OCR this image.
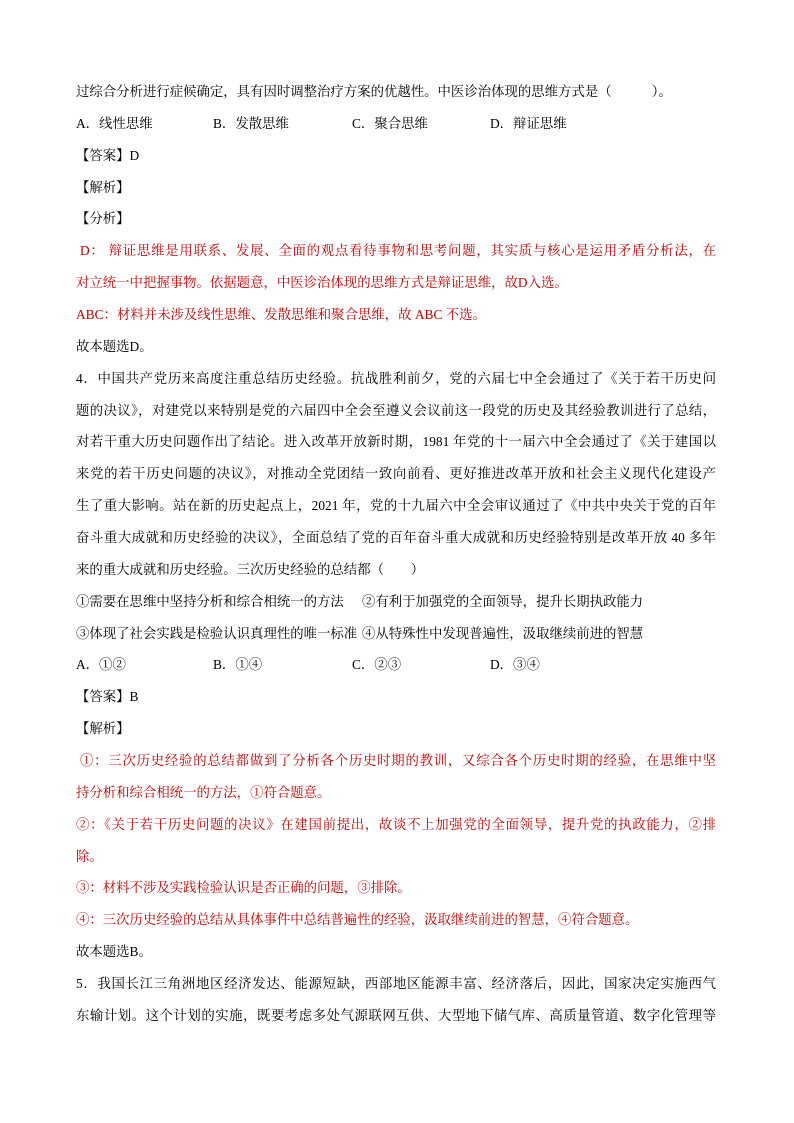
过综合分析进行症候确定，具有因时调整治疗方案的优越性。中医诊治体现的思维方式是（　　　）。
A．线性思维	B．发散思维	C．聚合思维	D．辩证思维
【答案】D
【解析】
【分析】
D： 辩证思维是用联系、发展、全面的观点看待事物和思考问题，其实质与核心是运用矛盾分析法，在
对立统一中把握事物。依据题意，中医诊治体现的思维方式是辩证思维，故D入选。
ABC：材料并未涉及线性思维、发散思维和聚合思维，故 ABC 不选。
故本题选D。
4．中国共产党历来高度注重总结历史经验。抗战胜利前夕，党的六届七中全会通过了《关于若干历史问
题的决议》，对建党以来特别是党的六届四中全会至遵义会议前这一段党的历史及其经验教训进行了总结，
对若干重大历史问题作出了结论。进入改革开放新时期，1981 年党的十一届六中全会通过了《关于建国以
来党的若干历史问题的决议》，对推动全党团结一致向前看、更好推进改革开放和社会主义现代化建设产
生了重大影响。站在新的历史起点上，2021 年，党的十九届六中全会审议通过了《中共中央关于党的百年
奋斗重大成就和历史经验的决议》，全面总结了党的百年奋斗重大成就和历史经验特别是改革开放 40 多年
来的重大成就和历史经验。三次历史经验的总结都（　　）
①需要在思维中坚持分析和综合相统一的方法 ②有利于加强党的全面领导，提升长期执政能力
③体现了社会实践是检验认识真理性的唯一标准 ④从特殊性中发现普遍性，汲取继续前进的智慧
A．①②	B．①④	C．②③	D．③④
【答案】B
【解析】
①：三次历史经验的总结都做到了分析各个历史时期的教训，又综合各个历史时期的经验，在思维中坚
持分析和综合相统一的方法，①符合题意。
②：《关于若干历史问题的决议》在建国前提出，故谈不上加强党的全面领导，提升党的执政能力，②排
除。
③：材料不涉及实践检验认识是否正确的问题，③排除。
④：三次历史经验的总结从具体事件中总结普遍性的经验，汲取继续前进的智慧，④符合题意。
故本题选B。
5．我国长江三角洲地区经济发达、能源短缺，西部地区能源丰富、经济落后，因此，国家决定实施西气
东输计划。这个计划的实施，既要考虑多处气源联网互供、大型地下储气库、高质量管道、数字化管理等
